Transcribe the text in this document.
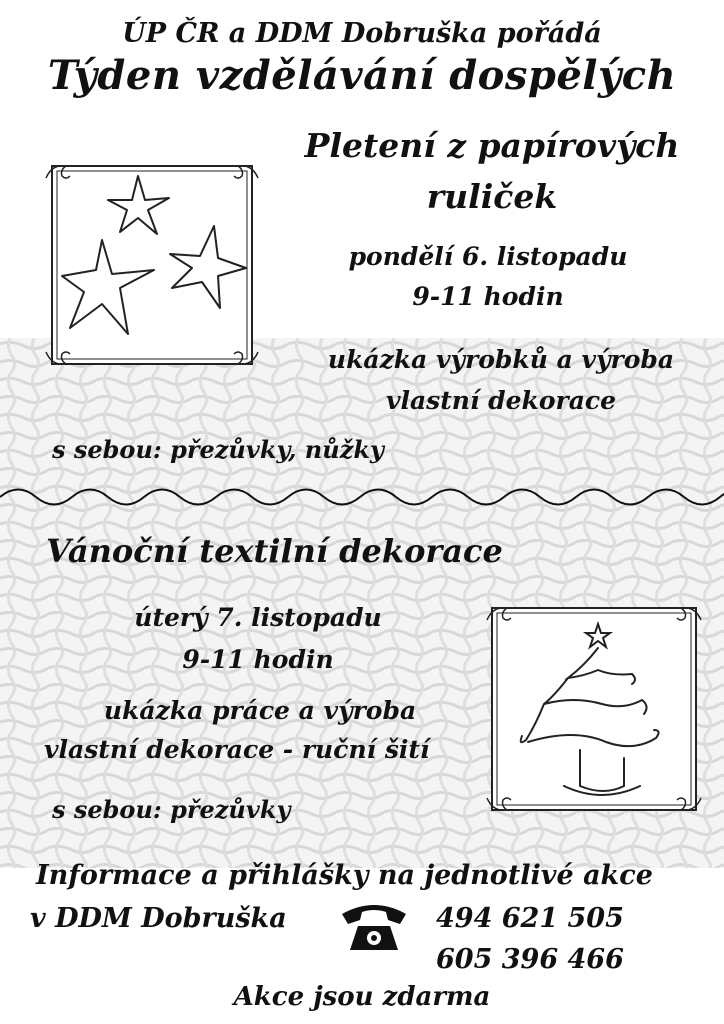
ÚP ČR a DDM Dobruška pořádá
Týden vzdělávání dospělých
Pletení z papírových
ruliček
pondělí 6. listopadu
9-11 hodin
ukázka výrobků a výroba
vlastní dekorace
s sebou: přezůvky, nůžky
Vánoční textilní dekorace
úterý 7. listopadu
9-11 hodin
ukázka práce a výroba
vlastní dekorace - ruční šití
s sebou: přezůvky
Informace a přihlášky na jednotlivé akce
v DDM Dobruška	494 621 505
605 396 466
Akce jsou zdarma
